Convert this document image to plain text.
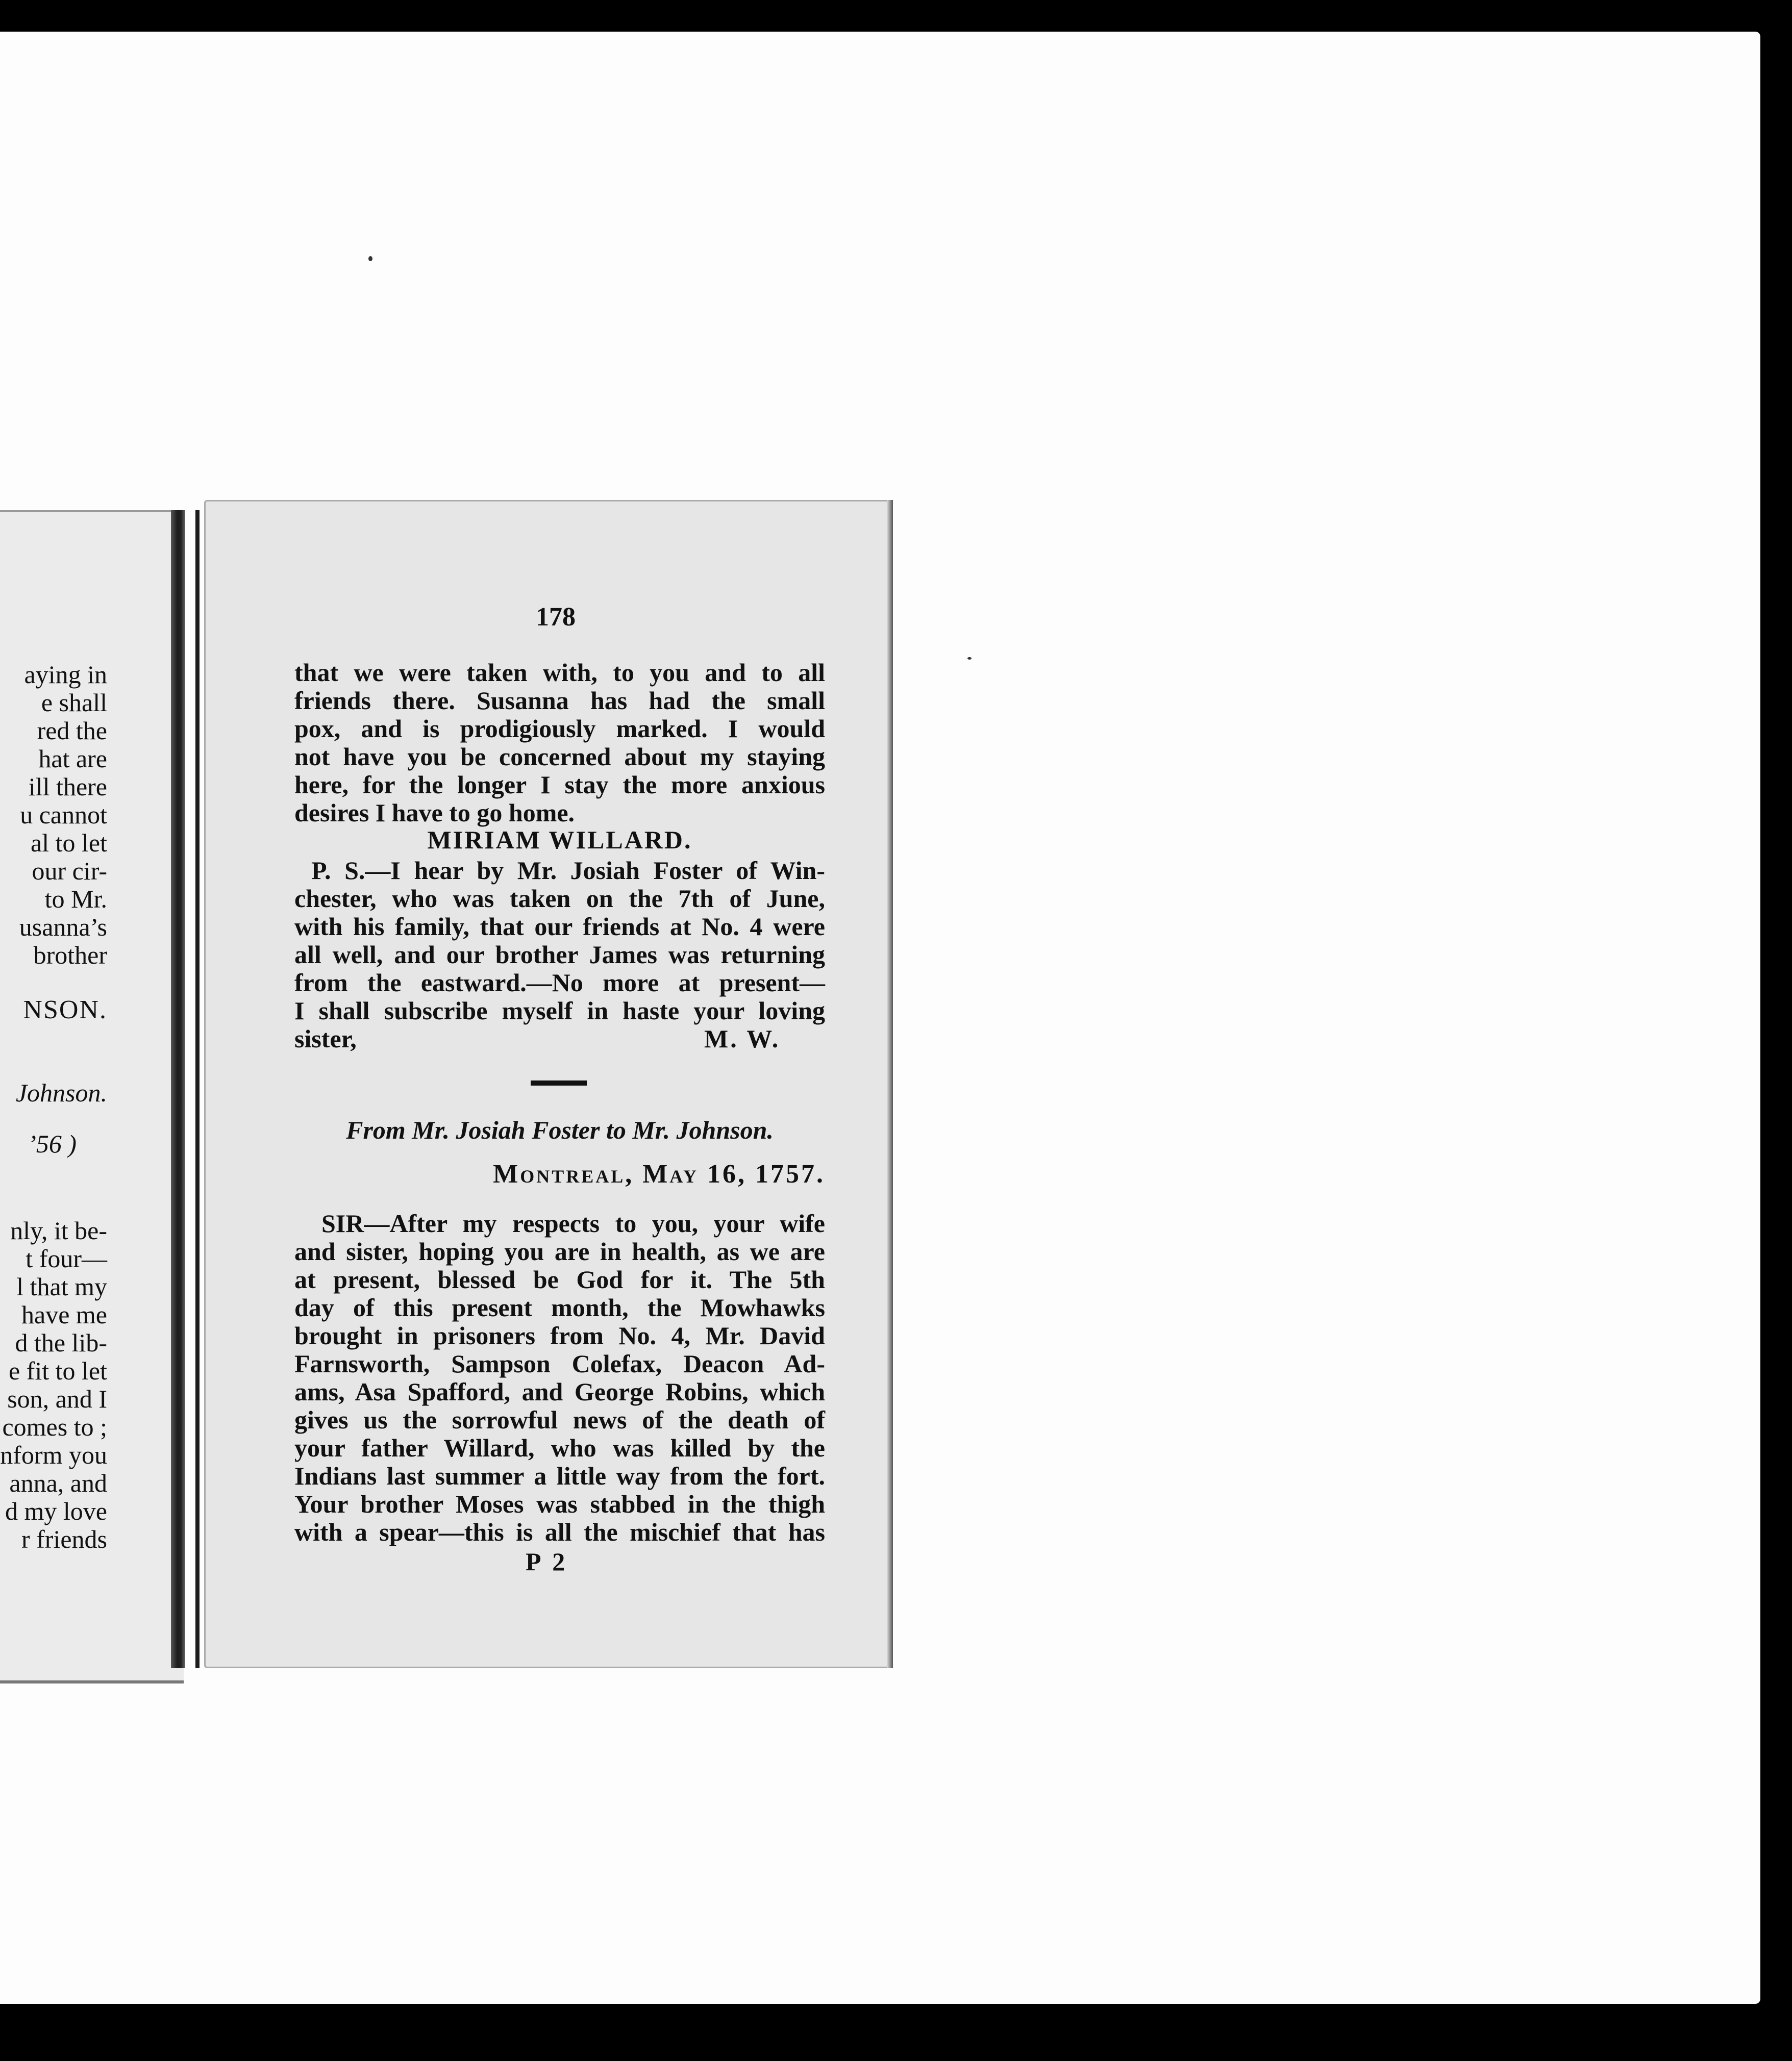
aying in
e shall
red the
hat are
ill there
u cannot
al to let
our cir-
to Mr.
usanna’s
brother
NSON.
Johnson.
’56 )
nly, it be-
t four—
l that my
have me
d the lib-
e fit to let
son, and I
comes to ;
nform you
anna, and
d my love
r friends
178
that we were taken with, to you and to all
friends there. Susanna has had the small
pox, and is prodigiously marked. I would
not have you be concerned about my staying
here, for the longer I stay the more anxious
desires I have to go home.
MIRIAM WILLARD.
P. S.—I hear by Mr. Josiah Foster of Win-
chester, who was taken on the 7th of June,
with his family, that our friends at No. 4 were
all well, and our brother James was returning
from the eastward.—No more at present—
I shall subscribe myself in haste your loving
sister,	M. W.
From Mr. Josiah Foster to Mr. Johnson.
Montreal, May 16, 1757.
SIR—After my respects to you, your wife
and sister, hoping you are in health, as we are
at present, blessed be God for it. The 5th
day of this present month, the Mowhawks
brought in prisoners from No. 4, Mr. David
Farnsworth, Sampson Colefax, Deacon Ad-
ams, Asa Spafford, and George Robins, which
gives us the sorrowful news of the death of
your father Willard, who was killed by the
Indians last summer a little way from the fort.
Your brother Moses was stabbed in the thigh
with a spear—this is all the mischief that has
P 2
